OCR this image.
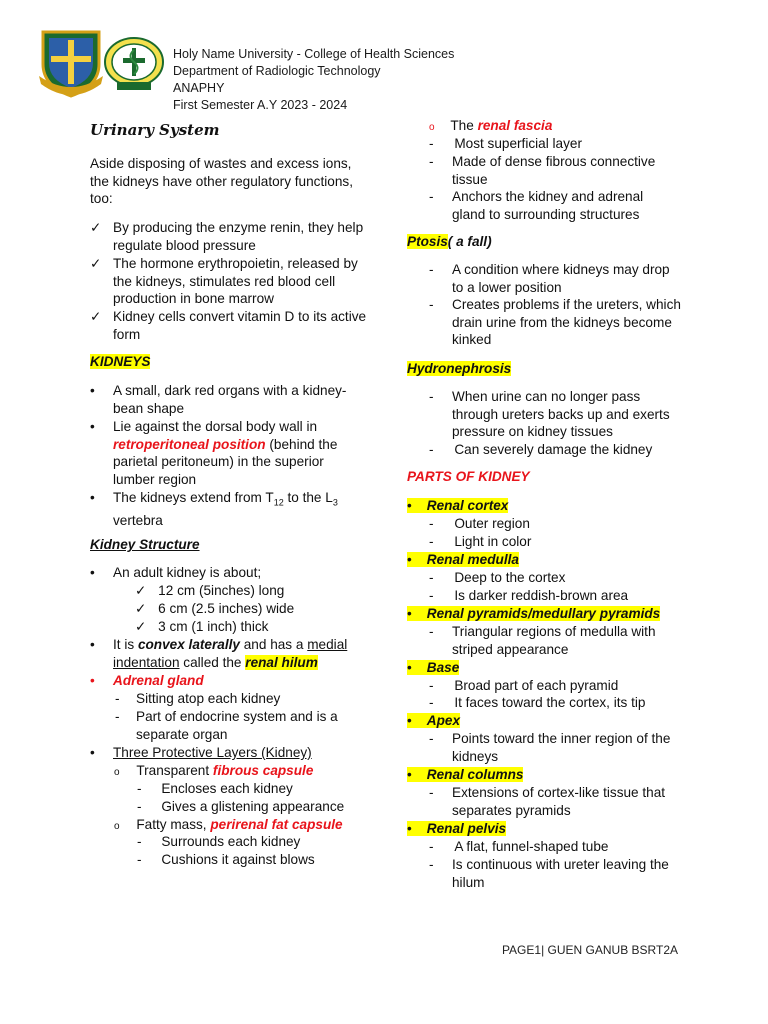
Holy Name University - College of Health Sciences
Department of Radiologic Technology
ANAPHY
First Semester A.Y 2023 - 2024
Urinary System
Aside disposing of wastes and excess ions, the kidneys have other regulatory functions, too:
✓ By producing the enzyme renin, they help regulate blood pressure
✓ The hormone erythropoietin, released by the kidneys, stimulates red blood cell production in bone marrow
✓ Kidney cells convert vitamin D to its active form
KIDNEYS
• A small, dark red organs with a kidney-bean shape
• Lie against the dorsal body wall in retroperitoneal position (behind the parietal peritoneum) in the superior lumber region
• The kidneys extend from $T_{12}$ to the $L_3$
vertebra
Kidney Structure
• An adult kidney is about;
✓ 12 cm (5inches) long
✓ 6 cm (2.5 inches) wide
✓ 3 cm (1 inch) thick
• It is convex laterally and has a medial
indentation called the renal hilum
• Adrenal gland
- Sitting atop each kidney
- Part of endocrine system and is a separate organ
• Three Protective Layers (Kidney)
o Transparent fibrous capsule
- Encloses each kidney
- Gives a glistening appearance
o Fatty mass, perirenal fat capsule
- Surrounds each kidney
- Cushions it against blows
o The renal fascia
- Most superficial layer
- Made of dense fibrous connective tissue
- Anchors the kidney and adrenal gland to surrounding structures
Ptosis( a fall)
- A condition where kidneys may drop to a lower position
- Creates problems if the ureters, which drain urine from the kidneys become kinked
Hydronephrosis
- When urine can no longer pass through ureters backs up and exerts pressure on kidney tissues
- Can severely damage the kidney
PARTS OF KIDNEY
• Renal cortex
- Outer region
- Light in color
• Renal medulla
- Deep to the cortex
- Is darker reddish-brown area
• Renal pyramids/medullary pyramids
- Triangular regions of medulla with striped appearance
• Base
- Broad part of each pyramid
- It faces toward the cortex, its tip
• Apex
- Points toward the inner region of the kidneys
• Renal columns
- Extensions of cortex-like tissue that separates pyramids
• Renal pelvis
- A flat, funnel-shaped tube
- Is continuous with ureter leaving the hilum
PAGE1| GUEN GANUB BSRT2A
